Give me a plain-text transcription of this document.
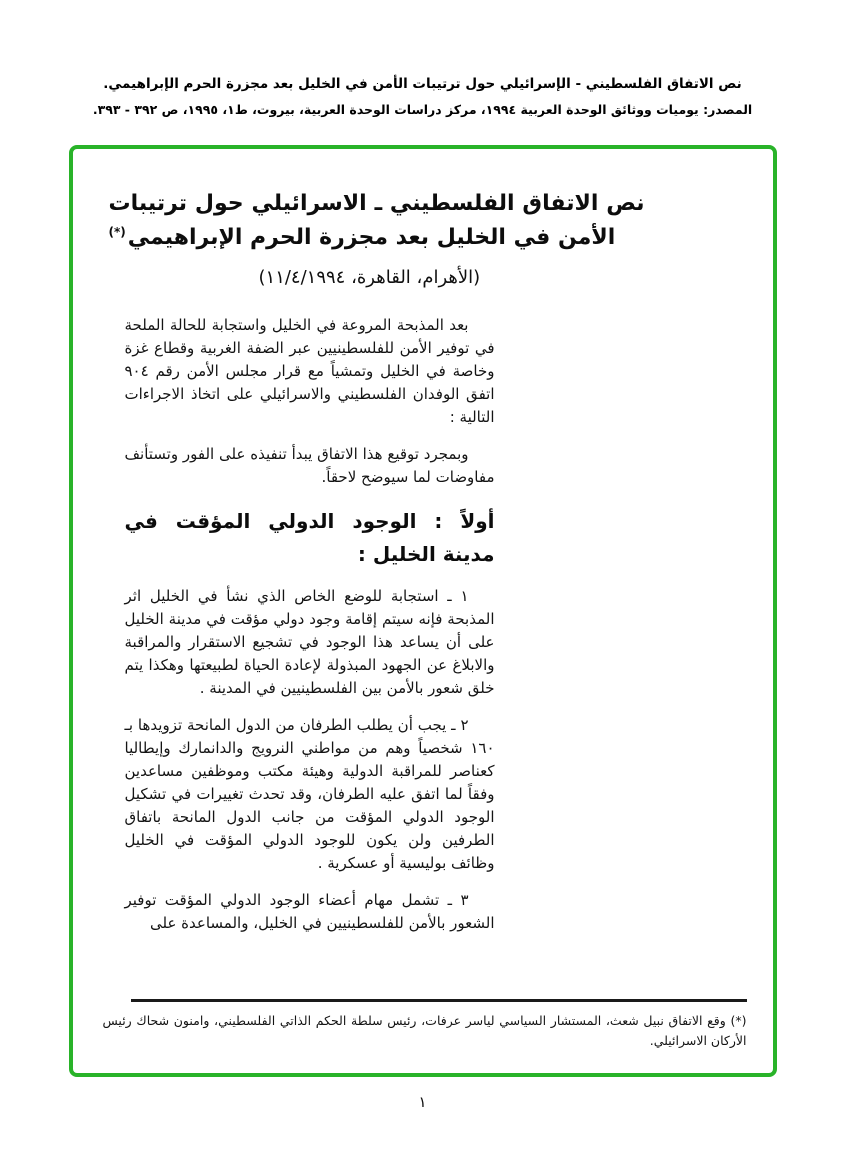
نص الاتفاق الفلسطيني - الإسرائيلي حول ترتيبات الأمن في الخليل بعد مجزرة الحرم الإبراهيمي.
المصدر: يوميات ووثائق الوحدة العربية ١٩٩٤، مركز دراسات الوحدة العربية، بيروت، ط١، ١٩٩٥، ص ٣٩٢ - ٣٩٣.
نص الاتفاق الفلسطيني ـ الاسرائيلي حول ترتيبات الأمن في الخليل بعد مجزرة الحرم الإبراهيمي(*)
(الأهرام، القاهرة، ١١/٤/١٩٩٤)

بعد المذبحة المروعة في الخليل واستجابة للحالة الملحة في توفير الأمن للفلسطينيين عبر الضفة الغربية وقطاع غزة وخاصة في الخليل وتمشياً مع قرار مجلس الأمن رقم ٩٠٤ اتفق الوفدان الفلسطيني والاسرائيلي على اتخاذ الاجراءات التالية :

وبمجرد توقيع هذا الاتفاق يبدأ تنفيذه على الفور وتستأنف مفاوضات لما سيوضح لاحقاً.

أولاً : الوجود الدولي المؤقت في مدينة الخليل :

١ ـ استجابة للوضع الخاص الذي نشأ في الخليل اثر المذبحة فإنه سيتم إقامة وجود دولي مؤقت في مدينة الخليل على أن يساعد هذا الوجود في تشجيع الاستقرار والمراقبة والابلاغ عن الجهود المبذولة لإعادة الحياة لطبيعتها وهكذا يتم خلق شعور بالأمن بين الفلسطينيين في المدينة .

٢ ـ يجب أن يطلب الطرفان من الدول المانحة تزويدها بـ ١٦٠ شخصياً وهم من مواطني النرويج والدانمارك وإيطاليا كعناصر للمراقبة الدولية وهيئة مكتب وموظفين مساعدين وفقاً لما اتفق عليه الطرفان، وقد تحدث تغييرات في تشكيل الوجود الدولي المؤقت من جانب الدول المانحة باتفاق الطرفين ولن يكون للوجود الدولي المؤقت في الخليل وظائف بوليسية أو عسكرية .

٣ ـ تشمل مهام أعضاء الوجود الدولي المؤقت توفير الشعور بالأمن للفلسطينيين في الخليل، والمساعدة على

(*) وقع الاتفاق نبيل شعث، المستشار السياسي لياسر عرفات، رئيس سلطة الحكم الذاتي الفلسطيني، وامنون شحاك رئيس الأركان الاسرائيلي.

١
